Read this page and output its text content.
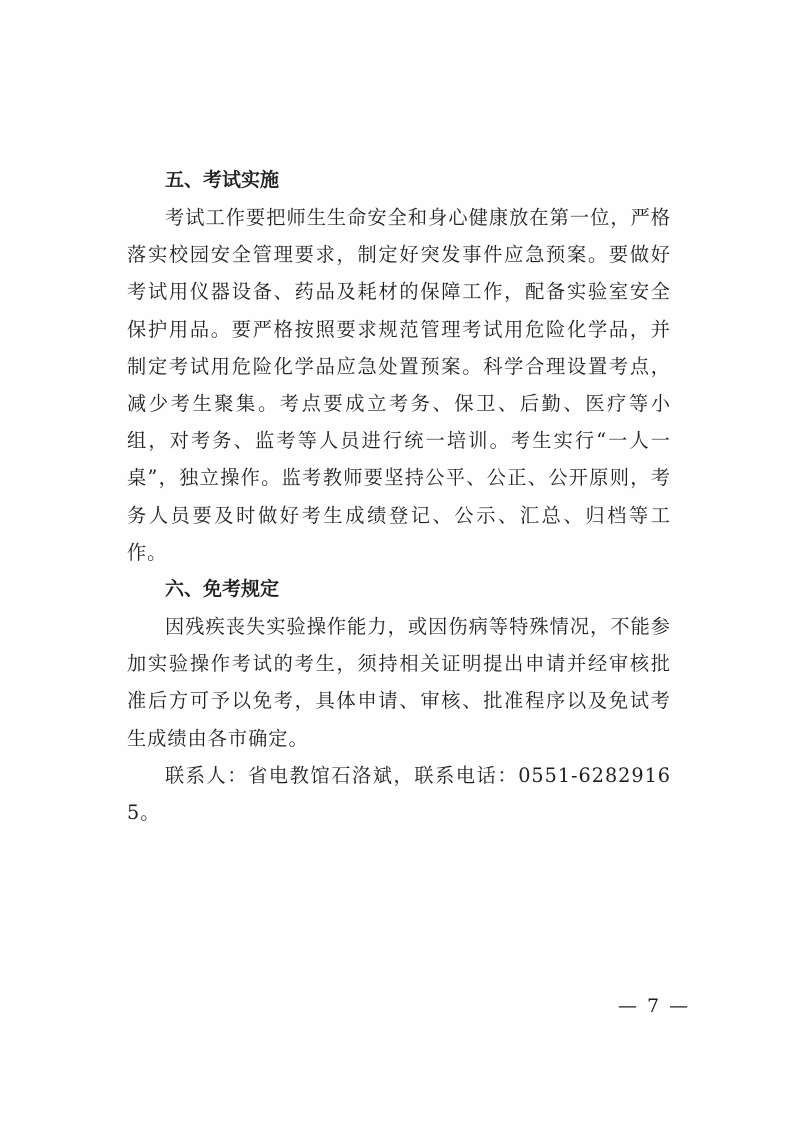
五、考试实施

考试工作要把师生生命安全和身心健康放在第一位，严格落实校园安全管理要求，制定好突发事件应急预案。要做好考试用仪器设备、药品及耗材的保障工作，配备实验室安全保护用品。要严格按照要求规范管理考试用危险化学品，并制定考试用危险化学品应急处置预案。科学合理设置考点，减少考生聚集。考点要成立考务、保卫、后勤、医疗等小组，对考务、监考等人员进行统一培训。考生实行“一人一桌”，独立操作。监考教师要坚持公平、公正、公开原则，考务人员要及时做好考生成绩登记、公示、汇总、归档等工作。

六、免考规定

因残疾丧失实验操作能力，或因伤病等特殊情况，不能参加实验操作考试的考生，须持相关证明提出申请并经审核批准后方可予以免考，具体申请、审核、批准程序以及免试考生成绩由各市确定。

联系人：省电教馆石洛斌，联系电话：0551-62829165。

— 7 —
